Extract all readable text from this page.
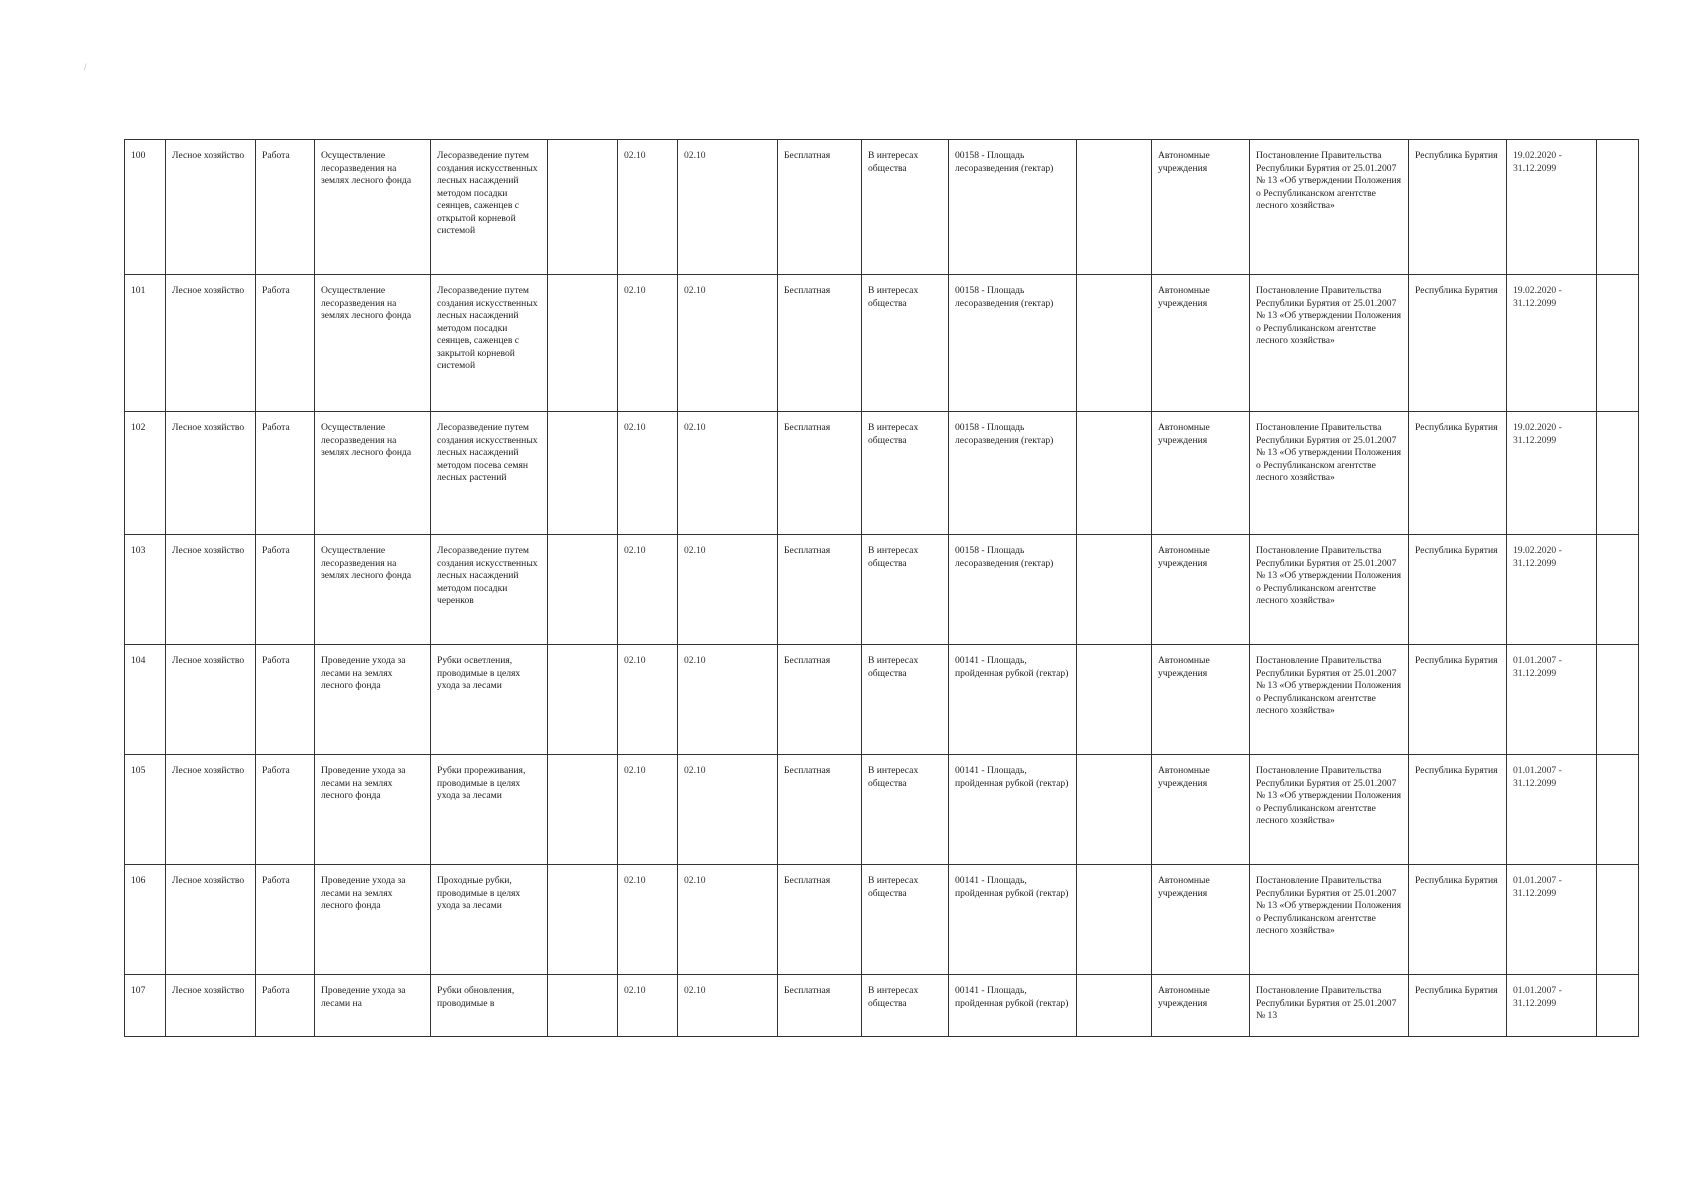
/
100	Лесное хозяйство	Работа	Осуществление лесоразведения на землях лесного фонда	Лесоразведение путем создания искусственных лесных насаждений методом посадки сеянцев, саженцев с открытой корневой системой		02.10	02.10	Бесплатная	В интересах общества	00158 - Площадь лесоразведения (гектар)		Автономные учреждения	Постановление Правительства Республики Бурятия от 25.01.2007 № 13 «Об утверждении Положения о Республиканском агентстве лесного хозяйства»	Республика Бурятия	19.02.2020 - 31.12.2099	
101	Лесное хозяйство	Работа	Осуществление лесоразведения на землях лесного фонда	Лесоразведение путем создания искусственных лесных насаждений методом посадки сеянцев, саженцев с закрытой корневой системой		02.10	02.10	Бесплатная	В интересах общества	00158 - Площадь лесоразведения (гектар)		Автономные учреждения	Постановление Правительства Республики Бурятия от 25.01.2007 № 13 «Об утверждении Положения о Республиканском агентстве лесного хозяйства»	Республика Бурятия	19.02.2020 - 31.12.2099	
102	Лесное хозяйство	Работа	Осуществление лесоразведения на землях лесного фонда	Лесоразведение путем создания искусственных лесных насаждений методом посева семян лесных растений		02.10	02.10	Бесплатная	В интересах общества	00158 - Площадь лесоразведения (гектар)		Автономные учреждения	Постановление Правительства Республики Бурятия от 25.01.2007 № 13 «Об утверждении Положения о Республиканском агентстве лесного хозяйства»	Республика Бурятия	19.02.2020 - 31.12.2099	
103	Лесное хозяйство	Работа	Осуществление лесоразведения на землях лесного фонда	Лесоразведение путем создания искусственных лесных насаждений методом посадки черенков		02.10	02.10	Бесплатная	В интересах общества	00158 - Площадь лесоразведения (гектар)		Автономные учреждения	Постановление Правительства Республики Бурятия от 25.01.2007 № 13 «Об утверждении Положения о Республиканском агентстве лесного хозяйства»	Республика Бурятия	19.02.2020 - 31.12.2099	
104	Лесное хозяйство	Работа	Проведение ухода за лесами на землях лесного фонда	Рубки осветления, проводимые в целях ухода за лесами		02.10	02.10	Бесплатная	В интересах общества	00141 - Площадь, пройденная рубкой (гектар)		Автономные учреждения	Постановление Правительства Республики Бурятия от 25.01.2007 № 13 «Об утверждении Положения о Республиканском агентстве лесного хозяйства»	Республика Бурятия	01.01.2007 - 31.12.2099	
105	Лесное хозяйство	Работа	Проведение ухода за лесами на землях лесного фонда	Рубки прореживания, проводимые в целях ухода за лесами		02.10	02.10	Бесплатная	В интересах общества	00141 - Площадь, пройденная рубкой (гектар)		Автономные учреждения	Постановление Правительства Республики Бурятия от 25.01.2007 № 13 «Об утверждении Положения о Республиканском агентстве лесного хозяйства»	Республика Бурятия	01.01.2007 - 31.12.2099	
106	Лесное хозяйство	Работа	Проведение ухода за лесами на землях лесного фонда	Проходные рубки, проводимые в целях ухода за лесами		02.10	02.10	Бесплатная	В интересах общества	00141 - Площадь, пройденная рубкой (гектар)		Автономные учреждения	Постановление Правительства Республики Бурятия от 25.01.2007 № 13 «Об утверждении Положения о Республиканском агентстве лесного хозяйства»	Республика Бурятия	01.01.2007 - 31.12.2099	
107	Лесное хозяйство	Работа	Проведение ухода за лесами на	Рубки обновления, проводимые в		02.10	02.10	Бесплатная	В интересах общества	00141 - Площадь, пройденная рубкой (гектар)		Автономные учреждения	Постановление Правительства Республики Бурятия от 25.01.2007 № 13	Республика Бурятия	01.01.2007 - 31.12.2099	
